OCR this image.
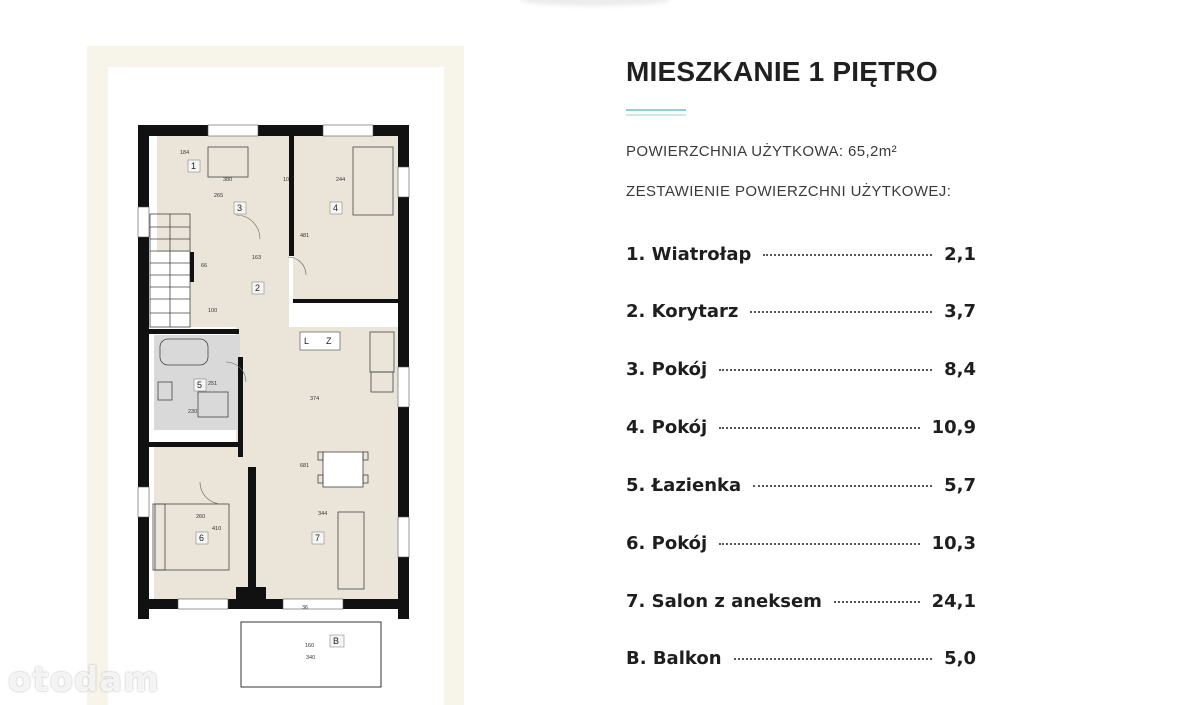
1
2
3	4
5
6	7
B
L Z
184
380	10	244
265
481
163
66
100
251
230
374
681
260
410
344
36
160
340
otodam
MIESZKANIE 1 PIĘTRO
POWIERZCHNIA UŻYTKOWA: 65,2m²
ZESTAWIENIE POWIERZCHNI UŻYTKOWEJ:
1. Wiatrołap	2,1
2. Korytarz	3,7
3. Pokój	8,4
4. Pokój	10,9
5. Łazienka	5,7
6. Pokój	10,3
7. Salon z aneksem	24,1
B. Balkon	5,0
